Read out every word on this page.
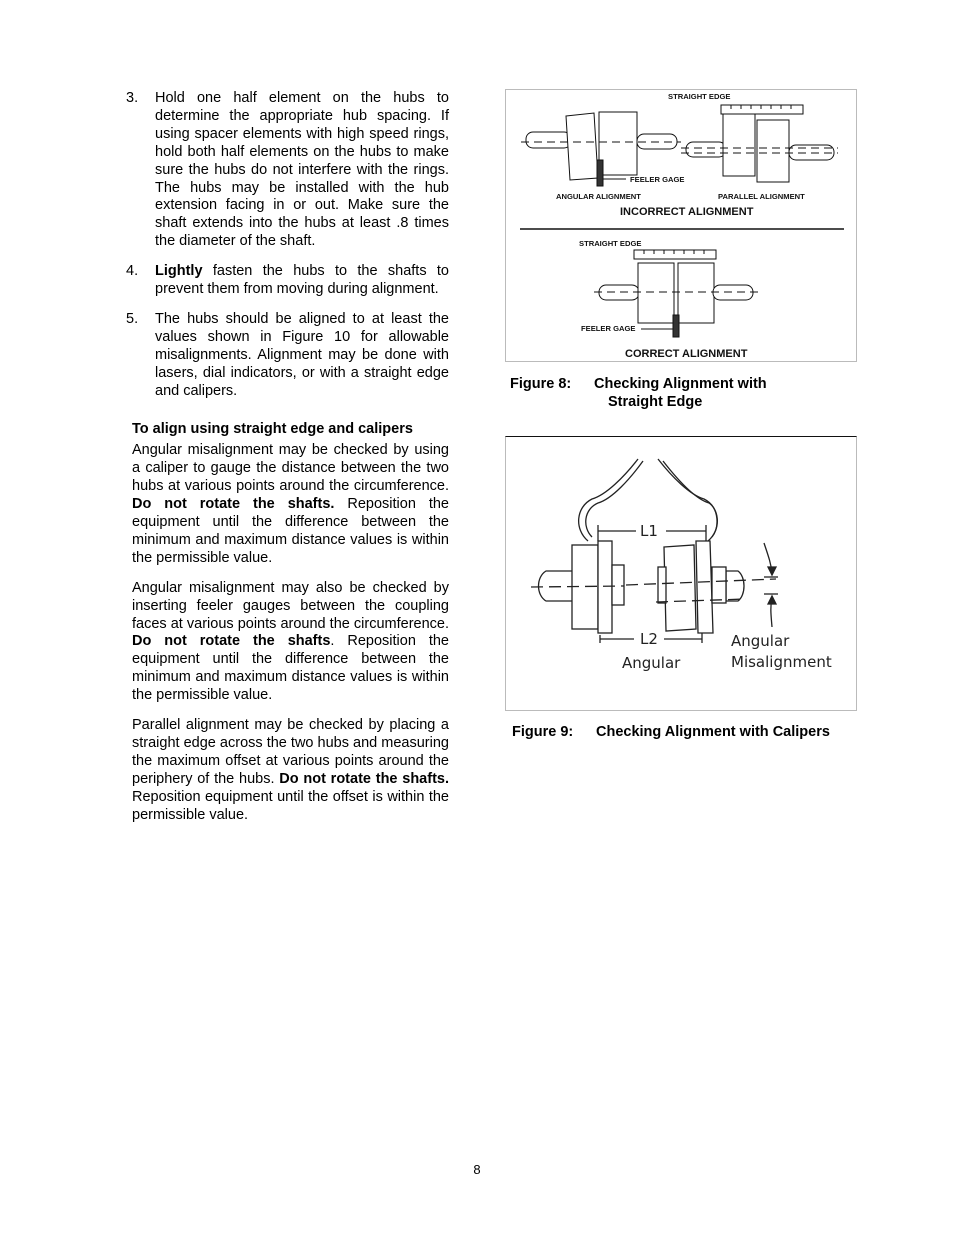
3. Hold one half element on the hubs to determine the appropriate hub spacing. If using spacer elements with high speed rings, hold both half elements on the hubs to make sure the hubs do not interfere with the rings. The hubs may be installed with the hub extension facing in or out. Make sure the shaft extends into the hubs at least .8 times the diameter of the shaft.
4. Lightly fasten the hubs to the shafts to prevent them from moving during alignment.
5. The hubs should be aligned to at least the values shown in Figure 10 for allowable misalignments. Alignment may be done with lasers, dial indicators, or with a straight edge and calipers.
To align using straight edge and calipers

Angular misalignment may be checked by using a caliper to gauge the distance between the two hubs at various points around the circumference. Do not rotate the shafts. Reposition the equipment until the difference between the minimum and maximum distance values is within the permissible value.

Angular misalignment may also be checked by inserting feeler gauges between the coupling faces at various points around the circumference. Do not rotate the shafts. Reposition the equipment until the difference between the minimum and maximum distance values is within the permissible value.

Parallel alignment may be checked by placing a straight edge across the two hubs and measuring the maximum offset at various points around the periphery of the hubs. Do not rotate the shafts. Reposition equipment until the offset is within the permissible value.

STRAIGHT EDGE
FEELER GAGE
ANGULAR ALIGNMENT	PARALLEL ALIGNMENT
INCORRECT ALIGNMENT
STRAIGHT EDGE
FEELER GAGE
CORRECT ALIGNMENT
Figure 8: Checking Alignment with
Straight Edge
L1
L2
Angular
Angular
Misalignment
Figure 9: Checking Alignment with Calipers
8
